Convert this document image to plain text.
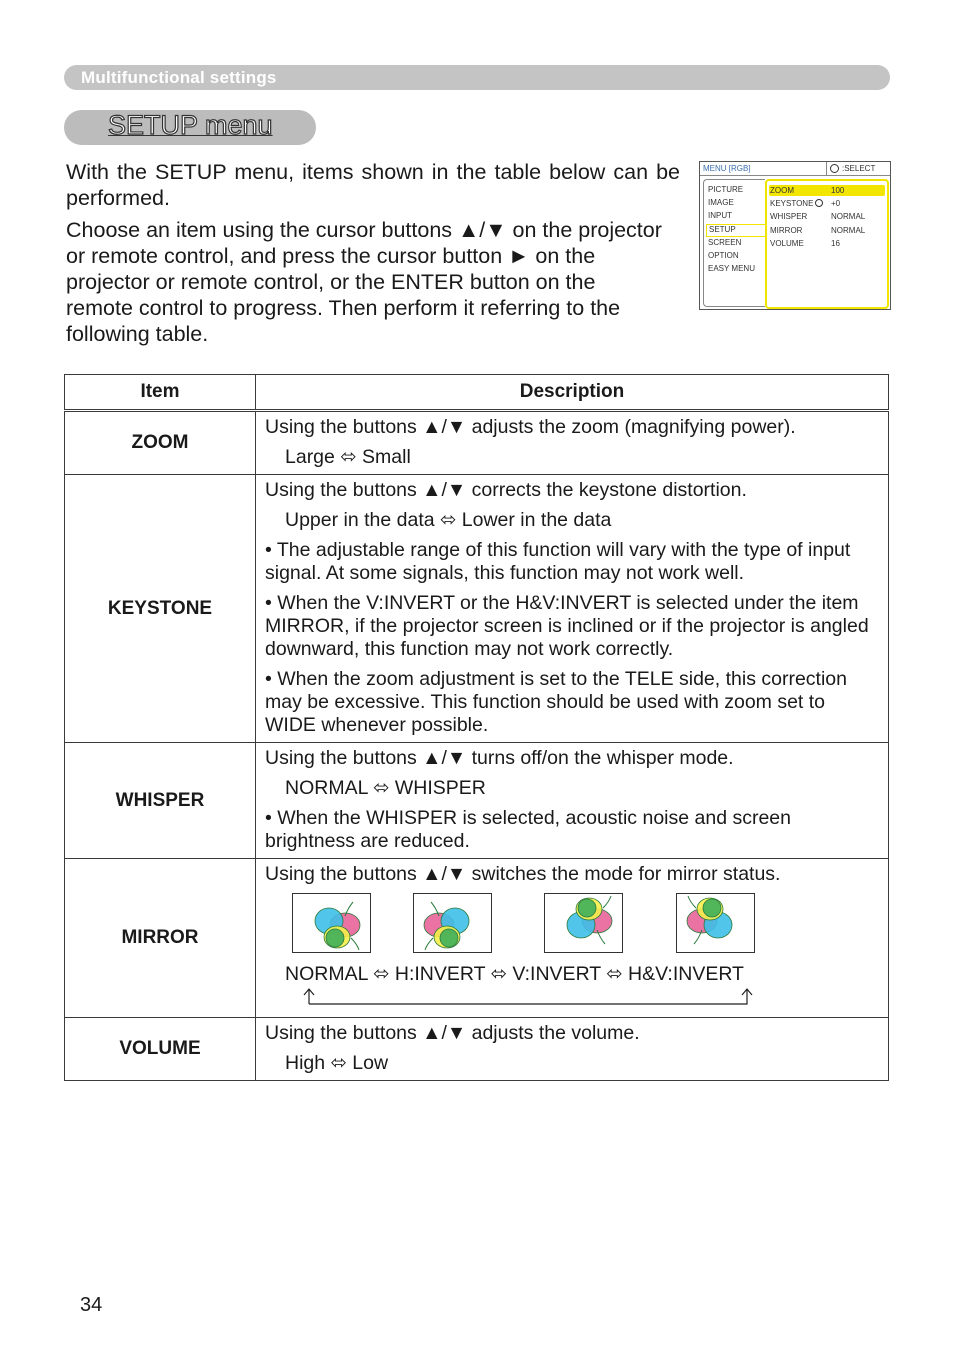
Multifunctional settings
SETUP menu
With the SETUP menu, items shown in the table below can be performed.
Choose an item using the cursor buttons ▲/▼ on the projector or remote control, and press the cursor button ► on the projector or remote control, or the ENTER button on the remote control to progress. Then perform it referring to the following table.
MENU [RGB]	:SELECT
PICTURE
IMAGE
INPUT
SETUP
SCREEN
OPTION
EASY MENU
ZOOM	100
KEYSTONE	+0
WHISPER	NORMAL
MIRROR	NORMAL
VOLUME	16
Item	Description
ZOOM	Using the buttons ▲/▼ adjusts the zoom (magnifying power).
Large ⬄ Small

KEYSTONE	Using the buttons ▲/▼ corrects the keystone distortion.
Upper in the data ⬄ Lower in the data
• The adjustable range of this function will vary with the type of input signal. At some signals, this function may not work well.
• When the V:INVERT or the H&V:INVERT is selected under the item MIRROR, if the projector screen is inclined or if the projector is angled downward, this function may not work correctly.
• When the zoom adjustment is set to the TELE side, this correction may be excessive. This function should be used with zoom set to WIDE whenever possible.

WHISPER	Using the buttons ▲/▼ turns off/on the whisper mode.
NORMAL ⬄ WHISPER
• When the WHISPER is selected, acoustic noise and screen brightness are reduced.

MIRROR	Using the buttons ▲/▼ switches the mode for mirror status.
NORMAL ⬄ H:INVERT ⬄ V:INVERT ⬄ H&V:INVERT

VOLUME	Using the buttons ▲/▼ adjusts the volume.
High ⬄ Low
34
